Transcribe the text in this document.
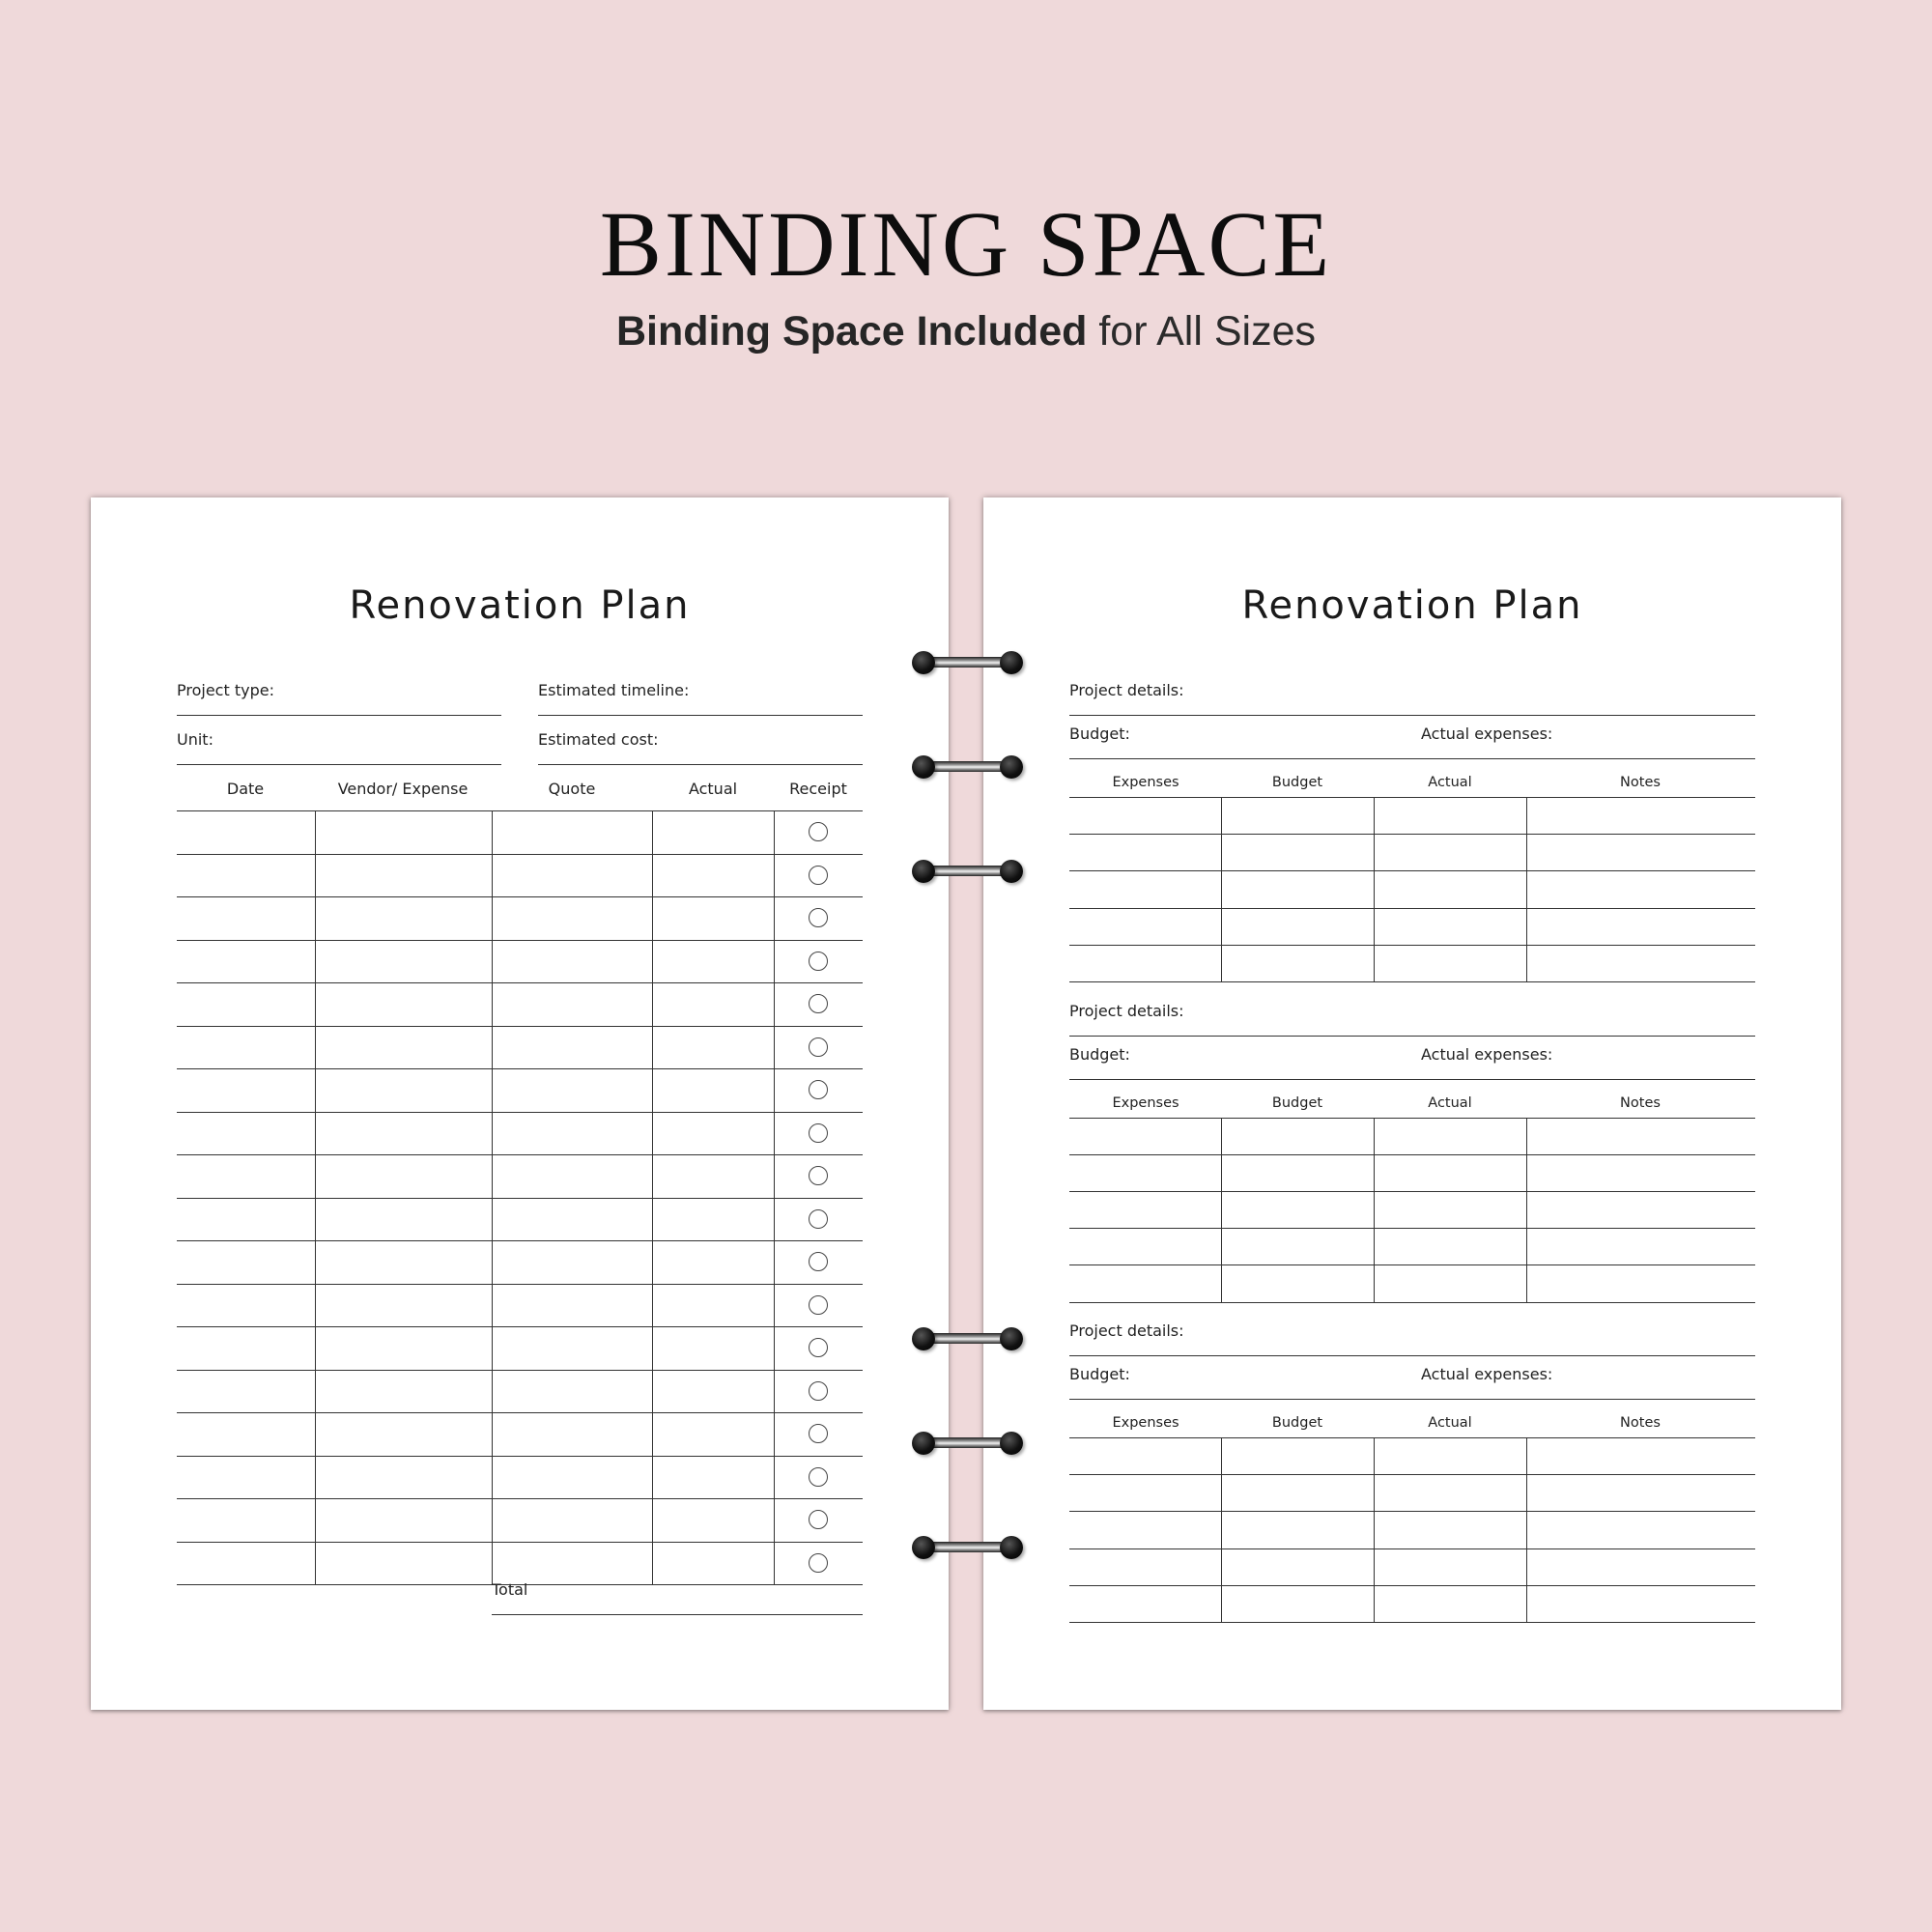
BINDING SPACE

Binding Space Included for All Sizes

Renovation Plan
Project type:	Estimated timeline:
Unit:	Estimated cost:
Date	Vendor/ Expense	Quote	Actual	Receipt
Total
Renovation Plan
Project details:
Budget:	Actual expenses:
Expenses	Budget	Actual	Notes
Project details:
Budget:	Actual expenses:
Expenses	Budget	Actual	Notes
Project details:
Budget:	Actual expenses:
Expenses	Budget	Actual	Notes
